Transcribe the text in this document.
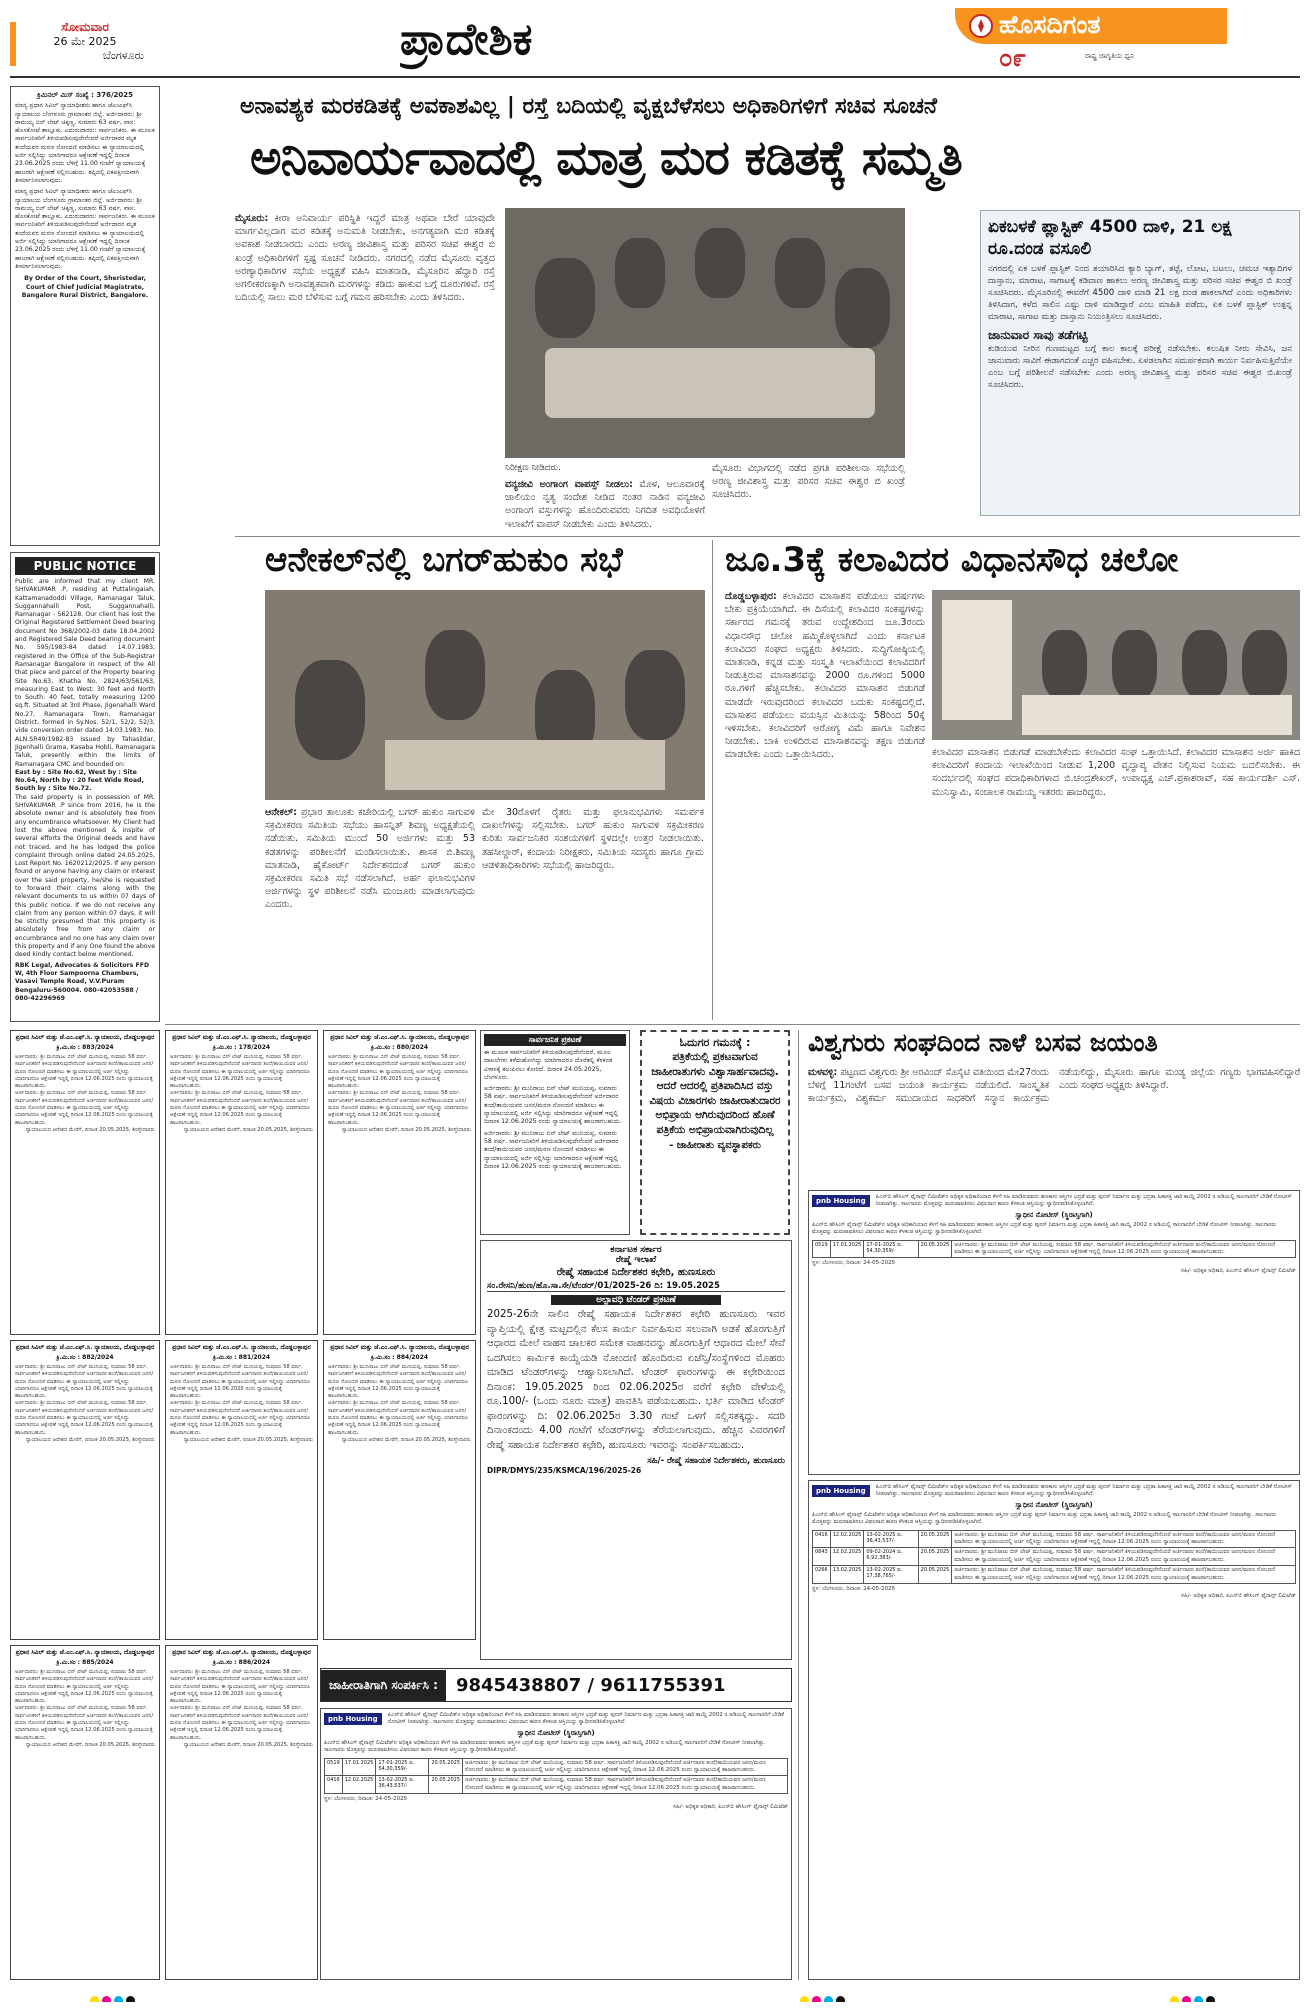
ಸೋಮವಾರ
26 ಮೇ 2025
ಬೆಂಗಳೂರು	ಪ್ರಾದೇಶಿಕ	ಹೊಸದಿಗಂತ
೦೯	ರಾಷ್ಟ್ರ ಜಾಗೃತಿಯ ಧ್ವನಿ
ಕ್ರಿಮಿನಲ್ ಮಿಸ್ ಸಂಖ್ಯೆ : 376/2025
ಮಾನ್ಯ ಪ್ರಧಾನ ಸಿವಿಲ್ ನ್ಯಾಯಾಧೀಶರು ಹಾಗೂ ಜೆಎಂಎಫ್‌ಸಿ ನ್ಯಾಯಾಲಯ ಬೆಂಗಳೂರು ಗ್ರಾಮಾಂತರ ಜಿಲ್ಲೆ. ಅರ್ಜಿದಾರರು: ಶ್ರೀ ರಾಮಯ್ಯ ಬಿನ್ ಲೇಟ್ ಚಿಕ್ಕಣ್ಣ, ಸುಮಾರು 63 ವರ್ಷ, ವಾಸ: ಹೊಸಕೋಟೆ ತಾಲ್ಲೂಕು. ಎದುರುದಾರರು: ಸಾರ್ವಜನಿಕರು. ಈ ಮೂಲಕ ಸಾರ್ವಜನಿಕರಿಗೆ ತಿಳಿಯಪಡಿಸುವುದೇನೆಂದರೆ ಅರ್ಜಿದಾರರ ಮೃತ ತಂದೆಯವರ ಮರಣ ನೋಂದಣಿ ಮಾಡಿಸಲು ಈ ನ್ಯಾಯಾಲಯದಲ್ಲಿ ಅರ್ಜಿ ಸಲ್ಲಿಸಿದ್ದು ಯಾರಿಗಾದರೂ ಆಕ್ಷೇಪಣೆ ಇದ್ದಲ್ಲಿ ದಿನಾಂಕ 23.06.2025 ರಂದು ಬೆಳಿಗ್ಗೆ 11.00 ಗಂಟೆಗೆ ನ್ಯಾಯಾಲಯಕ್ಕೆ ಹಾಜರಾಗಿ ಆಕ್ಷೇಪಣೆ ಸಲ್ಲಿಸಬಹುದು. ತಪ್ಪಿದಲ್ಲಿ ಏಕಪಕ್ಷೀಯವಾಗಿ ತೀರ್ಮಾನಿಸಲಾಗುವುದು.
ಮಾನ್ಯ ಪ್ರಧಾನ ಸಿವಿಲ್ ನ್ಯಾಯಾಧೀಶರು ಹಾಗೂ ಜೆಎಂಎಫ್‌ಸಿ ನ್ಯಾಯಾಲಯ ಬೆಂಗಳೂರು ಗ್ರಾಮಾಂತರ ಜಿಲ್ಲೆ. ಅರ್ಜಿದಾರರು: ಶ್ರೀ ರಾಮಯ್ಯ ಬಿನ್ ಲೇಟ್ ಚಿಕ್ಕಣ್ಣ, ಸುಮಾರು 63 ವರ್ಷ, ವಾಸ: ಹೊಸಕೋಟೆ ತಾಲ್ಲೂಕು. ಎದುರುದಾರರು: ಸಾರ್ವಜನಿಕರು. ಈ ಮೂಲಕ ಸಾರ್ವಜನಿಕರಿಗೆ ತಿಳಿಯಪಡಿಸುವುದೇನೆಂದರೆ ಅರ್ಜಿದಾರರ ಮೃತ ತಂದೆಯವರ ಮರಣ ನೋಂದಣಿ ಮಾಡಿಸಲು ಈ ನ್ಯಾಯಾಲಯದಲ್ಲಿ ಅರ್ಜಿ ಸಲ್ಲಿಸಿದ್ದು ಯಾರಿಗಾದರೂ ಆಕ್ಷೇಪಣೆ ಇದ್ದಲ್ಲಿ ದಿನಾಂಕ 23.06.2025 ರಂದು ಬೆಳಿಗ್ಗೆ 11.00 ಗಂಟೆಗೆ ನ್ಯಾಯಾಲಯಕ್ಕೆ ಹಾಜರಾಗಿ ಆಕ್ಷೇಪಣೆ ಸಲ್ಲಿಸಬಹುದು. ತಪ್ಪಿದಲ್ಲಿ ಏಕಪಕ್ಷೀಯವಾಗಿ ತೀರ್ಮಾನಿಸಲಾಗುವುದು.
By Order of the Court, Sheristedar, Court of Chief Judicial Magistrate, Bangalore Rural District, Bangalore.
PUBLIC NOTICE
Public are informed that my client MR. SHIVAKUMAR .P, residing at Puttalingaiah, Kattamanadoddi Village, Ramanagar Taluk, Suggannahalli Post, Suggannahalli, Ramanagar - 562128. Our client has lost the Original Registered Settlement Deed bearing document No 368/2002-03 date 18.04.2002 and Registered Sale Deed bearing document No. 595/1983-84 dated 14.07.1983, registered in the Office of the Sub-Registrar Ramanagar Bangalore in respect of the All that piece and parcel of the Property bearing Site No.63, Khatha No. 2824/63/561/63, measuring East to West: 30 feet and North to South: 40 feet, totally measuring 1200 sq.ft. Situated at 3rd Phase, Jigenahalli Ward No.27, Ramanagara Town, Ramanagar District, formed in Sy.Nos. 52/1, 52/2, 52/3, vide conversion order dated 14.03.1983, No. ALN.SR49/1982-83 issued by Tahasildar, Jigenhalli Grama, Kasaba Hobli, Ramanagara Taluk, presently within the limits of Ramanagara CMC and bounded on:
East by : Site No.62, West by : Site No.64, North by : 20 feet Wide Road, South by : Site No.72.
The said property is in possession of MR. SHIVAKUMAR .P since from 2016, he is the absolute owner and is absolutely free from any encumbrance whatsoever. My Client had lost the above mentioned & inspite of several efforts the Original deeds and have not traced, and he has lodged the police complaint through online dated 24.05.2025, Lost Report No. 1620212/2025. If any person found or anyone having any claim or interest over the said property, he/she is requested to forward their claims along with the relevant documents to us within 07 days of this public notice. If we do not receive any claim from any person within 07 days, it will be strictly presumed that this property is absolutely free from any claim or encumbrance and no one has any claim over this property and if any One found the above deed kindly contact below mentioned.
RBK Legal, Advocates & Solicitors FFD W, 4th Floor Sampoorna Chambers, Vasavi Temple Road, V.V.Puram Bengaluru-560004. 080-42053588 / 080-42296969
ಅನಾವಶ್ಯಕ ಮರಕಡಿತಕ್ಕೆ ಅವಕಾಶವಿಲ್ಲ | ರಸ್ತೆ ಬದಿಯಲ್ಲಿ ವೃಕ್ಷಬೆಳೆಸಲು ಅಧಿಕಾರಿಗಳಿಗೆ ಸಚಿವ ಸೂಚನೆ
ಅನಿವಾರ್ಯವಾದಲ್ಲಿ ಮಾತ್ರ ಮರ ಕಡಿತಕ್ಕೆ ಸಮ್ಮತಿ
ಮೈಸೂರು: ಕೀರಾ ಅನಿವಾರ್ಯ ಪರಿಸ್ಥಿತಿ ಇದ್ದರೆ ಮಾತ್ರ ಅಥವಾ ಬೇರೆ ಯಾವುದೇ ಮಾರ್ಗವಿಲ್ಲದಾಗ ಮರ ಕಡಿತಕ್ಕೆ ಅನುಮತಿ ನೀಡಬೇಕು, ಅನಗತ್ಯವಾಗಿ ಮರ ಕಡಿತಕ್ಕೆ ಅವಕಾಶ ನೀಡಬಾರದು ಎಂದು ಅರಣ್ಯ ಜೀವಿಶಾಸ್ತ್ರ ಮತ್ತು ಪರಿಸರ ಸಚಿವ ಈಶ್ವರ ಬಿ ಖಂಡ್ರೆ ಅಧಿಕಾರಿಗಳಿಗೆ ಸ್ಪಷ್ಟ ಸೂಚನೆ ನೀಡಿದರು. ನಗರದಲ್ಲಿ ನಡೆದ ಮೈಸೂರು ವೃತ್ತದ ಅರಣ್ಯಾಧಿಕಾರಿಗಳ ಸಭೆಯ ಅಧ್ಯಕ್ಷತೆ ವಹಿಸಿ ಮಾತನಾಡಿ, ಮೈಸೂರಿನ ಹೆದ್ದಾರಿ ರಸ್ತೆ ಅಗಲೀಕರಣಕ್ಕಾಗಿ ಅನಾವಶ್ಯಕವಾಗಿ ಮರಗಳನ್ನು ಕಡಿದು ಹಾಕುವ ಬಗ್ಗೆ ದೂರುಗಳಿವೆ. ರಸ್ತೆ ಬದಿಯಲ್ಲಿ ಸಾಲು ಮರ ಬೆಳೆಸುವ ಬಗ್ಗೆ ಗಮನ ಹರಿಸಬೇಕು ಎಂದು ತಿಳಿಸಿದರು.
ನಿರೀಕ್ಷಣ ನೀಡಿದರು.
ವನ್ಯಜೀವಿ ಅಂಗಾಂಗ ವಾಪಸ್ಸ್ ನೀಡಲು: ಮೊಳ, ಆಲೂವಾರಕ್ಕೆ ಜಾಲಿಯಂ ನೃತ್ಯ ಸಂದೇಶ ನೀಡಿದ ನಂತರ ನಾಡಿನ ವನ್ಯಜೀವಿ ಅಂಗಾಂಗ ವಸ್ತುಗಳನ್ನು ಹೊಂದಿರುವವರು ನಿಗದಿತ ಅವಧಿಯೊಳಗೆ ಇಲಾಖೆಗೆ ವಾಪಸ್ ನೀಡಬೇಕು ಎಂದು ತಿಳಿಸಿದರು.
ಮೈಸೂರು ವಿಭಾಗದಲ್ಲಿ ನಡೆದ ಪ್ರಗತಿ ಪರಿಶೀಲನಾ ಸಭೆಯಲ್ಲಿ ಅರಣ್ಯ ಜೀವಿಶಾಸ್ತ್ರ ಮತ್ತು ಪರಿಸರ ಸಚಿವ ಈಶ್ವರ ಬಿ ಖಂಡ್ರೆ ಸೂಚಿಸಿದರು.
ಏಕಬಳಕೆ ಪ್ಲಾಸ್ಟಿಕ್ 4500 ದಾಳಿ, 21 ಲಕ್ಷ ರೂ.ದಂಡ ವಸೂಲಿ
ನಗರದಲ್ಲಿ ಏಕ ಬಳಕೆ ಪ್ಲಾಸ್ಟಿಕ್ ನಿಂದ ತಯಾರಿಸಿದ ಕ್ಯಾರಿ ಬ್ಯಾಗ್, ತಟ್ಟೆ, ಲೋಟ, ಬಟಲು, ಚಮಚ ಇತ್ಯಾದಿಗಳ ದಾಸ್ತಾನು, ಮಾರಾಟ, ಸಾಗಾಟಕ್ಕೆ ಕಡಿವಾಣ ಹಾಕಲು ಅರಣ್ಯ ಜೀವಿಶಾಸ್ತ್ರ ಮತ್ತು ಪರಿಸರ ಸಚಿವ ಈಶ್ವರ ಬಿ ಖಂಡ್ರೆ ಸೂಚಿಸಿದರು. ಮೈಸೂರಿನಲ್ಲಿ ಈವರೆಗೆ 4500 ದಾಳಿ ಮಾಡಿ 21 ಲಕ್ಷ ದಂಡ ಹಾಕಲಾಗಿದೆ ಎಂದು ಅಧಿಕಾರಿಗಳು ತಿಳಿಸಿದಾಗ, ಕಳೆದ ಸಾಲಿನ ಎಷ್ಟು ದಾಳಿ ಮಾಡಿದ್ದಾರೆ ಎಂಬ ಮಾಹಿತಿ ಪಡೆದು, ಏಕ ಬಳಕೆ ಪ್ಲಾಸ್ಟಿಕ್ ಉತ್ಪನ್ನ ಮಾರಾಟ, ಸಾಗಾಟ ಮತ್ತು ದಾಸ್ತಾನು ನಿಯಂತ್ರಿಸಲು ಸೂಚಿಸಿದರು.
ಜಾನುವಾರ ಸಾವು ತಡೆಗಟ್ಟಿ
ಕುಡಿಯುವ ನೀರಿನ ಗುಣಮಟ್ಟದ ಬಗ್ಗೆ ಕಾಲ ಕಾಲಕ್ಕೆ ಪರೀಕ್ಷೆ ನಡೆಸಬೇಕು. ಕಲುಷಿತ ನೀರು ಸೇವಿಸಿ, ಜನ ಜಾನುವಾರು ಸಾವಿಗೆ ಈಡಾಗದಂತೆ ಎಚ್ಚರ ವಹಿಸಬೇಕು. ಏಳಡಲಾಗಿನ ಸಮರ್ಪಕವಾಗಿ ಕಾರ್ಯ ನಿರ್ವಹಿಸುತ್ತಿವೆಯೇ ಎಂಬ ಬಗ್ಗೆ ಪರಿಶೀಲನೆ ನಡೆಸಬೇಕು ಎಂದು ಅರಣ್ಯ ಜೀವಿಶಾಸ್ತ್ರ ಮತ್ತು ಪರಿಸರ ಸಚಿವ ಈಶ್ವರ ಬಿ.ಖಂಡ್ರೆ ಸೂಚಿಸಿದರು.
ಆನೇಕಲ್‌ನಲ್ಲಿ ಬಗರ್‌ಹುಕುಂ ಸಭೆ
ಆನೇಕಲ್: ಪ್ರಭಾರ ತಾಲೂಕು ಕಚೇರಿಯಲ್ಲಿ ಬಗರ್ ಹುಕುಂ ಸಾಗುವಳಿ ಸಕ್ರಮೀಕರಣ ಸಮಿತಿಯ ಸಭೆಯು ಹಾಸನ್ನಿತ್ ಶಿವಣ್ಣ ಅಧ್ಯಕ್ಷತೆಯಲ್ಲಿ ನಡೆಯಿತು. ಸಮಿತಿಯ ಮುಂದೆ 50 ಅರ್ಜಿಗಳು ಮತ್ತು 53 ಕಡತಗಳನ್ನು ಪರಿಶೀಲನೆಗೆ ಮಂಡಿಸಲಾಯಿತು. ಶಾಸಕ ಬಿ.ಶಿವಣ್ಣ ಮಾತನಾಡಿ, ಹೈಕೋರ್ಟ್ ನಿರ್ದೇಶನದಂತೆ ಬಗರ್ ಹುಕುಂ ಸಕ್ರಮೀಕರಣ ಸಮಿತಿ ಸಭೆ ನಡೆಸಲಾಗಿದೆ. ಅರ್ಹ ಫಲಾನುಭವಿಗಳ ಅರ್ಜಿಗಳನ್ನು ಸ್ಥಳ ಪರಿಶೀಲನೆ ನಡೆಸಿ ಮಂಜೂರು ಮಾಡಲಾಗುವುದು ಎಂದರು.
ಮೇ 30ರೊಳಗೆ ರೈತರು ಮತ್ತು ಫಲಾನುಭವಿಗಳು ಸಮರ್ಪಕ ದಾಖಲೆಗಳನ್ನು ಸಲ್ಲಿಸಬೇಕು. ಬಗರ್ ಹುಕುಂ ಸಾಗುವಳಿ ಸಕ್ರಮೀಕರಣ ಕುರಿತು ಸಾರ್ವಜನಿಕರ ಸಂಶಯಗಳಿಗೆ ಸ್ಥಳದಲ್ಲೇ ಉತ್ತರ ನೀಡಲಾಯಿತು. ತಹಸೀಲ್ದಾರ್, ಕಂದಾಯ ನಿರೀಕ್ಷಕರು, ಸಮಿತಿಯ ಸದಸ್ಯರು ಹಾಗೂ ಗ್ರಾಮ ಆಡಳಿತಾಧಿಕಾರಿಗಳು ಸಭೆಯಲ್ಲಿ ಹಾಜರಿದ್ದರು.
ಜೂ.3ಕ್ಕೆ ಕಲಾವಿದರ ವಿಧಾನಸೌಧ ಚಲೋ
ದೊಡ್ಡಬಳ್ಳಾಪುರ: ಕಲಾವಿದರ ಮಾಸಾಶನ ಪಡೆಯಲು ವರ್ಷಗಳು ಬೇಕು ಪ್ರಕ್ರಿಯೆಯಾಗಿದೆ. ಈ ದಿಸೆಯಲ್ಲಿ ಕಲಾವಿದರ ಸಂಕಷ್ಟಗಳನ್ನು ಸರ್ಕಾರದ ಗಮನಕ್ಕೆ ತರುವ ಉದ್ದೇಶದಿಂದ ಜೂ.3ರಂದು ವಿಧಾನಸೌಧ ಚಲೋ ಹಮ್ಮಿಕೊಳ್ಳಲಾಗಿದೆ ಎಂದು ಕರ್ನಾಟಕ ಕಲಾವಿದರ ಸಂಘದ ಅಧ್ಯಕ್ಷರು ತಿಳಿಸಿದರು. ಸುದ್ದಿಗೋಷ್ಠಿಯಲ್ಲಿ ಮಾತನಾಡಿ, ಕನ್ನಡ ಮತ್ತು ಸಂಸ್ಕೃತಿ ಇಲಾಖೆಯಿಂದ ಕಲಾವಿದರಿಗೆ ನೀಡುತ್ತಿರುವ ಮಾಸಾಶನವನ್ನು 2000 ರೂ.ಗಳಿಂದ 5000 ರೂ.ಗಳಿಗೆ ಹೆಚ್ಚಿಸಬೇಕು. ಕಲಾವಿದರ ಮಾಸಾಶನ ಬಿಡುಗಡೆ ಮಾಡದೇ ಇರುವುದರಿಂದ ಕಲಾವಿದರ ಬದುಕು ಸಂಕಷ್ಟದಲ್ಲಿದೆ. ಮಾಸಾಶನ ಪಡೆಯಲು ವಯಸ್ಸಿನ ಮಿತಿಯನ್ನು 58ರಿಂದ 50ಕ್ಕೆ ಇಳಿಸಬೇಕು. ಕಲಾವಿದರಿಗೆ ಆರೋಗ್ಯ ವಿಮೆ ಹಾಗೂ ನಿವೇಶನ ನೀಡಬೇಕು. ಬಾಕಿ ಉಳಿದಿರುವ ಮಾಸಾಶನವನ್ನು ತಕ್ಷಣ ಬಿಡುಗಡೆ ಮಾಡಬೇಕು ಎಂದು ಒತ್ತಾಯಿಸಿದರು.	ಕಲಾವಿದರ ಮಾಸಾಶನ ಬಿಡುಗಡೆ ಮಾಡಬೇಕೆಂದು ಕಲಾವಿದರ ಸಂಘ ಒತ್ತಾಯಿಸಿದೆ. ಕಲಾವಿದರ ಮಾಸಾಶನ ಅರ್ಜಿ ಹಾಕಿದ ಕಲಾವಿದರಿಗೆ ಕಂದಾಯ ಇಲಾಖೆಯಿಂದ ನೀಡುವ 1,200 ವೃದ್ಧಾಪ್ಯ ವೇತನ ನಿಲ್ಲಿಸುವ ನಿಯಮ ಬದಲಿಸಬೇಕು. ಈ ಸಂದರ್ಭದಲ್ಲಿ ಸಂಘದ ಪದಾಧಿಕಾರಿಗಳಾದ ಬಿ.ಚಂದ್ರಶೇಖರ್, ಉಪಾಧ್ಯಕ್ಷ ಎಚ್.ಪ್ರಕಾಶರಾವ್, ಸಹ ಕಾರ್ಯದರ್ಶಿ ಎಸ್. ಮುನಿಸ್ವಾಮಿ, ಸಂಚಾಲಕ ರಾಮಯ್ಯ ಇತರರು ಹಾಜರಿದ್ದರು.
ಪ್ರಧಾನ ಸಿವಿಲ್ ಮತ್ತು ಜೆ.ಎಂ.ಎಫ್.ಸಿ. ನ್ಯಾಯಾಲಯ, ದೊಡ್ಡಬಳ್ಳಾಪುರ
ಕ್ರಿ.ಮಿ.ಸಂ : 883/2024
ಅರ್ಜಿದಾರರು: ಶ್ರೀ ಮುನಿರಾಜು ಬಿನ್ ಲೇಟ್ ಮುನಿಯಪ್ಪ, ಸುಮಾರು 58 ವರ್ಷ. ಸಾರ್ವಜನಿಕರಿಗೆ ತಿಳಿಯಪಡಿಸುವುದೇನೆಂದರೆ ಅರ್ಜಿದಾರರ ತಂದೆ/ತಾಯಿಯವರ ಜನನ/ಮರಣ ನೋಂದಣಿ ಮಾಡಿಸಲು ಈ ನ್ಯಾಯಾಲಯದಲ್ಲಿ ಅರ್ಜಿ ಸಲ್ಲಿಸಿದ್ದು ಯಾರಿಗಾದರೂ ಆಕ್ಷೇಪಣೆ ಇದ್ದಲ್ಲಿ ದಿನಾಂಕ 12.06.2025 ರಂದು ನ್ಯಾಯಾಲಯಕ್ಕೆ ಹಾಜರಾಗಬಹುದು.
ಅರ್ಜಿದಾರರು: ಶ್ರೀ ಮುನಿರಾಜು ಬಿನ್ ಲೇಟ್ ಮುನಿಯಪ್ಪ, ಸುಮಾರು 58 ವರ್ಷ. ಸಾರ್ವಜನಿಕರಿಗೆ ತಿಳಿಯಪಡಿಸುವುದೇನೆಂದರೆ ಅರ್ಜಿದಾರರ ತಂದೆ/ತಾಯಿಯವರ ಜನನ/ಮರಣ ನೋಂದಣಿ ಮಾಡಿಸಲು ಈ ನ್ಯಾಯಾಲಯದಲ್ಲಿ ಅರ್ಜಿ ಸಲ್ಲಿಸಿದ್ದು ಯಾರಿಗಾದರೂ ಆಕ್ಷೇಪಣೆ ಇದ್ದಲ್ಲಿ ದಿನಾಂಕ 12.06.2025 ರಂದು ನ್ಯಾಯಾಲಯಕ್ಕೆ ಹಾಜರಾಗಬಹುದು.
ನ್ಯಾಯಾಲಯದ ಆದೇಶದ ಮೇರೆಗೆ, ದಿನಾಂಕ 20.05.2025, ಶಿರಸ್ತೇದಾರರು
ಪ್ರಧಾನ ಸಿವಿಲ್ ಮತ್ತು ಜೆ.ಎಂ.ಎಫ್.ಸಿ. ನ್ಯಾಯಾಲಯ, ದೊಡ್ಡಬಳ್ಳಾಪುರ
ಕ್ರಿ.ಮಿ.ಸಂ : 178/2024
ಅರ್ಜಿದಾರರು: ಶ್ರೀ ಮುನಿರಾಜು ಬಿನ್ ಲೇಟ್ ಮುನಿಯಪ್ಪ, ಸುಮಾರು 58 ವರ್ಷ. ಸಾರ್ವಜನಿಕರಿಗೆ ತಿಳಿಯಪಡಿಸುವುದೇನೆಂದರೆ ಅರ್ಜಿದಾರರ ತಂದೆ/ತಾಯಿಯವರ ಜನನ/ಮರಣ ನೋಂದಣಿ ಮಾಡಿಸಲು ಈ ನ್ಯಾಯಾಲಯದಲ್ಲಿ ಅರ್ಜಿ ಸಲ್ಲಿಸಿದ್ದು ಯಾರಿಗಾದರೂ ಆಕ್ಷೇಪಣೆ ಇದ್ದಲ್ಲಿ ದಿನಾಂಕ 12.06.2025 ರಂದು ನ್ಯಾಯಾಲಯಕ್ಕೆ ಹಾಜರಾಗಬಹುದು.
ಅರ್ಜಿದಾರರು: ಶ್ರೀ ಮುನಿರಾಜು ಬಿನ್ ಲೇಟ್ ಮುನಿಯಪ್ಪ, ಸುಮಾರು 58 ವರ್ಷ. ಸಾರ್ವಜನಿಕರಿಗೆ ತಿಳಿಯಪಡಿಸುವುದೇನೆಂದರೆ ಅರ್ಜಿದಾರರ ತಂದೆ/ತಾಯಿಯವರ ಜನನ/ಮರಣ ನೋಂದಣಿ ಮಾಡಿಸಲು ಈ ನ್ಯಾಯಾಲಯದಲ್ಲಿ ಅರ್ಜಿ ಸಲ್ಲಿಸಿದ್ದು ಯಾರಿಗಾದರೂ ಆಕ್ಷೇಪಣೆ ಇದ್ದಲ್ಲಿ ದಿನಾಂಕ 12.06.2025 ರಂದು ನ್ಯಾಯಾಲಯಕ್ಕೆ ಹಾಜರಾಗಬಹುದು.
ನ್ಯಾಯಾಲಯದ ಆದೇಶದ ಮೇರೆಗೆ, ದಿನಾಂಕ 20.05.2025, ಶಿರಸ್ತೇದಾರರು
ಪ್ರಧಾನ ಸಿವಿಲ್ ಮತ್ತು ಜೆ.ಎಂ.ಎಫ್.ಸಿ. ನ್ಯಾಯಾಲಯ, ದೊಡ್ಡಬಳ್ಳಾಪುರ
ಕ್ರಿ.ಮಿ.ಸಂ : 880/2024
ಅರ್ಜಿದಾರರು: ಶ್ರೀ ಮುನಿರಾಜು ಬಿನ್ ಲೇಟ್ ಮುನಿಯಪ್ಪ, ಸುಮಾರು 58 ವರ್ಷ. ಸಾರ್ವಜನಿಕರಿಗೆ ತಿಳಿಯಪಡಿಸುವುದೇನೆಂದರೆ ಅರ್ಜಿದಾರರ ತಂದೆ/ತಾಯಿಯವರ ಜನನ/ಮರಣ ನೋಂದಣಿ ಮಾಡಿಸಲು ಈ ನ್ಯಾಯಾಲಯದಲ್ಲಿ ಅರ್ಜಿ ಸಲ್ಲಿಸಿದ್ದು ಯಾರಿಗಾದರೂ ಆಕ್ಷೇಪಣೆ ಇದ್ದಲ್ಲಿ ದಿನಾಂಕ 12.06.2025 ರಂದು ನ್ಯಾಯಾಲಯಕ್ಕೆ ಹಾಜರಾಗಬಹುದು.
ಅರ್ಜಿದಾರರು: ಶ್ರೀ ಮುನಿರಾಜು ಬಿನ್ ಲೇಟ್ ಮುನಿಯಪ್ಪ, ಸುಮಾರು 58 ವರ್ಷ. ಸಾರ್ವಜನಿಕರಿಗೆ ತಿಳಿಯಪಡಿಸುವುದೇನೆಂದರೆ ಅರ್ಜಿದಾರರ ತಂದೆ/ತಾಯಿಯವರ ಜನನ/ಮರಣ ನೋಂದಣಿ ಮಾಡಿಸಲು ಈ ನ್ಯಾಯಾಲಯದಲ್ಲಿ ಅರ್ಜಿ ಸಲ್ಲಿಸಿದ್ದು ಯಾರಿಗಾದರೂ ಆಕ್ಷೇಪಣೆ ಇದ್ದಲ್ಲಿ ದಿನಾಂಕ 12.06.2025 ರಂದು ನ್ಯಾಯಾಲಯಕ್ಕೆ ಹಾಜರಾಗಬಹುದು.
ನ್ಯಾಯಾಲಯದ ಆದೇಶದ ಮೇರೆಗೆ, ದಿನಾಂಕ 20.05.2025, ಶಿರಸ್ತೇದಾರರು
ಪ್ರಧಾನ ಸಿವಿಲ್ ಮತ್ತು ಜೆ.ಎಂ.ಎಫ್.ಸಿ. ನ್ಯಾಯಾಲಯ, ದೊಡ್ಡಬಳ್ಳಾಪುರ
ಕ್ರಿ.ಮಿ.ಸಂ : 882/2024
ಅರ್ಜಿದಾರರು: ಶ್ರೀ ಮುನಿರಾಜು ಬಿನ್ ಲೇಟ್ ಮುನಿಯಪ್ಪ, ಸುಮಾರು 58 ವರ್ಷ. ಸಾರ್ವಜನಿಕರಿಗೆ ತಿಳಿಯಪಡಿಸುವುದೇನೆಂದರೆ ಅರ್ಜಿದಾರರ ತಂದೆ/ತಾಯಿಯವರ ಜನನ/ಮರಣ ನೋಂದಣಿ ಮಾಡಿಸಲು ಈ ನ್ಯಾಯಾಲಯದಲ್ಲಿ ಅರ್ಜಿ ಸಲ್ಲಿಸಿದ್ದು ಯಾರಿಗಾದರೂ ಆಕ್ಷೇಪಣೆ ಇದ್ದಲ್ಲಿ ದಿನಾಂಕ 12.06.2025 ರಂದು ನ್ಯಾಯಾಲಯಕ್ಕೆ ಹಾಜರಾಗಬಹುದು.
ಅರ್ಜಿದಾರರು: ಶ್ರೀ ಮುನಿರಾಜು ಬಿನ್ ಲೇಟ್ ಮುನಿಯಪ್ಪ, ಸುಮಾರು 58 ವರ್ಷ. ಸಾರ್ವಜನಿಕರಿಗೆ ತಿಳಿಯಪಡಿಸುವುದೇನೆಂದರೆ ಅರ್ಜಿದಾರರ ತಂದೆ/ತಾಯಿಯವರ ಜನನ/ಮರಣ ನೋಂದಣಿ ಮಾಡಿಸಲು ಈ ನ್ಯಾಯಾಲಯದಲ್ಲಿ ಅರ್ಜಿ ಸಲ್ಲಿಸಿದ್ದು ಯಾರಿಗಾದರೂ ಆಕ್ಷೇಪಣೆ ಇದ್ದಲ್ಲಿ ದಿನಾಂಕ 12.06.2025 ರಂದು ನ್ಯಾಯಾಲಯಕ್ಕೆ ಹಾಜರಾಗಬಹುದು.
ನ್ಯಾಯಾಲಯದ ಆದೇಶದ ಮೇರೆಗೆ, ದಿನಾಂಕ 20.05.2025, ಶಿರಸ್ತೇದಾರರು
ಪ್ರಧಾನ ಸಿವಿಲ್ ಮತ್ತು ಜೆ.ಎಂ.ಎಫ್.ಸಿ. ನ್ಯಾಯಾಲಯ, ದೊಡ್ಡಬಳ್ಳಾಪುರ
ಕ್ರಿ.ಮಿ.ಸಂ : 881/2024
ಅರ್ಜಿದಾರರು: ಶ್ರೀ ಮುನಿರಾಜು ಬಿನ್ ಲೇಟ್ ಮುನಿಯಪ್ಪ, ಸುಮಾರು 58 ವರ್ಷ. ಸಾರ್ವಜನಿಕರಿಗೆ ತಿಳಿಯಪಡಿಸುವುದೇನೆಂದರೆ ಅರ್ಜಿದಾರರ ತಂದೆ/ತಾಯಿಯವರ ಜನನ/ಮರಣ ನೋಂದಣಿ ಮಾಡಿಸಲು ಈ ನ್ಯಾಯಾಲಯದಲ್ಲಿ ಅರ್ಜಿ ಸಲ್ಲಿಸಿದ್ದು ಯಾರಿಗಾದರೂ ಆಕ್ಷೇಪಣೆ ಇದ್ದಲ್ಲಿ ದಿನಾಂಕ 12.06.2025 ರಂದು ನ್ಯಾಯಾಲಯಕ್ಕೆ ಹಾಜರಾಗಬಹುದು.
ಅರ್ಜಿದಾರರು: ಶ್ರೀ ಮುನಿರಾಜು ಬಿನ್ ಲೇಟ್ ಮುನಿಯಪ್ಪ, ಸುಮಾರು 58 ವರ್ಷ. ಸಾರ್ವಜನಿಕರಿಗೆ ತಿಳಿಯಪಡಿಸುವುದೇನೆಂದರೆ ಅರ್ಜಿದಾರರ ತಂದೆ/ತಾಯಿಯವರ ಜನನ/ಮರಣ ನೋಂದಣಿ ಮಾಡಿಸಲು ಈ ನ್ಯಾಯಾಲಯದಲ್ಲಿ ಅರ್ಜಿ ಸಲ್ಲಿಸಿದ್ದು ಯಾರಿಗಾದರೂ ಆಕ್ಷೇಪಣೆ ಇದ್ದಲ್ಲಿ ದಿನಾಂಕ 12.06.2025 ರಂದು ನ್ಯಾಯಾಲಯಕ್ಕೆ ಹಾಜರಾಗಬಹುದು.
ನ್ಯಾಯಾಲಯದ ಆದೇಶದ ಮೇರೆಗೆ, ದಿನಾಂಕ 20.05.2025, ಶಿರಸ್ತೇದಾರರು
ಪ್ರಧಾನ ಸಿವಿಲ್ ಮತ್ತು ಜೆ.ಎಂ.ಎಫ್.ಸಿ. ನ್ಯಾಯಾಲಯ, ದೊಡ್ಡಬಳ್ಳಾಪುರ
ಕ್ರಿ.ಮಿ.ಸಂ : 884/2024
ಅರ್ಜಿದಾರರು: ಶ್ರೀ ಮುನಿರಾಜು ಬಿನ್ ಲೇಟ್ ಮುನಿಯಪ್ಪ, ಸುಮಾರು 58 ವರ್ಷ. ಸಾರ್ವಜನಿಕರಿಗೆ ತಿಳಿಯಪಡಿಸುವುದೇನೆಂದರೆ ಅರ್ಜಿದಾರರ ತಂದೆ/ತಾಯಿಯವರ ಜನನ/ಮರಣ ನೋಂದಣಿ ಮಾಡಿಸಲು ಈ ನ್ಯಾಯಾಲಯದಲ್ಲಿ ಅರ್ಜಿ ಸಲ್ಲಿಸಿದ್ದು ಯಾರಿಗಾದರೂ ಆಕ್ಷೇಪಣೆ ಇದ್ದಲ್ಲಿ ದಿನಾಂಕ 12.06.2025 ರಂದು ನ್ಯಾಯಾಲಯಕ್ಕೆ ಹಾಜರಾಗಬಹುದು.
ಅರ್ಜಿದಾರರು: ಶ್ರೀ ಮುನಿರಾಜು ಬಿನ್ ಲೇಟ್ ಮುನಿಯಪ್ಪ, ಸುಮಾರು 58 ವರ್ಷ. ಸಾರ್ವಜನಿಕರಿಗೆ ತಿಳಿಯಪಡಿಸುವುದೇನೆಂದರೆ ಅರ್ಜಿದಾರರ ತಂದೆ/ತಾಯಿಯವರ ಜನನ/ಮರಣ ನೋಂದಣಿ ಮಾಡಿಸಲು ಈ ನ್ಯಾಯಾಲಯದಲ್ಲಿ ಅರ್ಜಿ ಸಲ್ಲಿಸಿದ್ದು ಯಾರಿಗಾದರೂ ಆಕ್ಷೇಪಣೆ ಇದ್ದಲ್ಲಿ ದಿನಾಂಕ 12.06.2025 ರಂದು ನ್ಯಾಯಾಲಯಕ್ಕೆ ಹಾಜರಾಗಬಹುದು.
ನ್ಯಾಯಾಲಯದ ಆದೇಶದ ಮೇರೆಗೆ, ದಿನಾಂಕ 20.05.2025, ಶಿರಸ್ತೇದಾರರು
ಪ್ರಧಾನ ಸಿವಿಲ್ ಮತ್ತು ಜೆ.ಎಂ.ಎಫ್.ಸಿ. ನ್ಯಾಯಾಲಯ, ದೊಡ್ಡಬಳ್ಳಾಪುರ
ಕ್ರಿ.ಮಿ.ಸಂ : 885/2024
ಅರ್ಜಿದಾರರು: ಶ್ರೀ ಮುನಿರಾಜು ಬಿನ್ ಲೇಟ್ ಮುನಿಯಪ್ಪ, ಸುಮಾರು 58 ವರ್ಷ. ಸಾರ್ವಜನಿಕರಿಗೆ ತಿಳಿಯಪಡಿಸುವುದೇನೆಂದರೆ ಅರ್ಜಿದಾರರ ತಂದೆ/ತಾಯಿಯವರ ಜನನ/ಮರಣ ನೋಂದಣಿ ಮಾಡಿಸಲು ಈ ನ್ಯಾಯಾಲಯದಲ್ಲಿ ಅರ್ಜಿ ಸಲ್ಲಿಸಿದ್ದು ಯಾರಿಗಾದರೂ ಆಕ್ಷೇಪಣೆ ಇದ್ದಲ್ಲಿ ದಿನಾಂಕ 12.06.2025 ರಂದು ನ್ಯಾಯಾಲಯಕ್ಕೆ ಹಾಜರಾಗಬಹುದು.
ಅರ್ಜಿದಾರರು: ಶ್ರೀ ಮುನಿರಾಜು ಬಿನ್ ಲೇಟ್ ಮುನಿಯಪ್ಪ, ಸುಮಾರು 58 ವರ್ಷ. ಸಾರ್ವಜನಿಕರಿಗೆ ತಿಳಿಯಪಡಿಸುವುದೇನೆಂದರೆ ಅರ್ಜಿದಾರರ ತಂದೆ/ತಾಯಿಯವರ ಜನನ/ಮರಣ ನೋಂದಣಿ ಮಾಡಿಸಲು ಈ ನ್ಯಾಯಾಲಯದಲ್ಲಿ ಅರ್ಜಿ ಸಲ್ಲಿಸಿದ್ದು ಯಾರಿಗಾದರೂ ಆಕ್ಷೇಪಣೆ ಇದ್ದಲ್ಲಿ ದಿನಾಂಕ 12.06.2025 ರಂದು ನ್ಯಾಯಾಲಯಕ್ಕೆ ಹಾಜರಾಗಬಹುದು.
ನ್ಯಾಯಾಲಯದ ಆದೇಶದ ಮೇರೆಗೆ, ದಿನಾಂಕ 20.05.2025, ಶಿರಸ್ತೇದಾರರು
ಪ್ರಧಾನ ಸಿವಿಲ್ ಮತ್ತು ಜೆ.ಎಂ.ಎಫ್.ಸಿ. ನ್ಯಾಯಾಲಯ, ದೊಡ್ಡಬಳ್ಳಾಪುರ
ಕ್ರಿ.ಮಿ.ಸಂ : 886/2024
ಅರ್ಜಿದಾರರು: ಶ್ರೀ ಮುನಿರಾಜು ಬಿನ್ ಲೇಟ್ ಮುನಿಯಪ್ಪ, ಸುಮಾರು 58 ವರ್ಷ. ಸಾರ್ವಜನಿಕರಿಗೆ ತಿಳಿಯಪಡಿಸುವುದೇನೆಂದರೆ ಅರ್ಜಿದಾರರ ತಂದೆ/ತಾಯಿಯವರ ಜನನ/ಮರಣ ನೋಂದಣಿ ಮಾಡಿಸಲು ಈ ನ್ಯಾಯಾಲಯದಲ್ಲಿ ಅರ್ಜಿ ಸಲ್ಲಿಸಿದ್ದು ಯಾರಿಗಾದರೂ ಆಕ್ಷೇಪಣೆ ಇದ್ದಲ್ಲಿ ದಿನಾಂಕ 12.06.2025 ರಂದು ನ್ಯಾಯಾಲಯಕ್ಕೆ ಹಾಜರಾಗಬಹುದು.
ಅರ್ಜಿದಾರರು: ಶ್ರೀ ಮುನಿರಾಜು ಬಿನ್ ಲೇಟ್ ಮುನಿಯಪ್ಪ, ಸುಮಾರು 58 ವರ್ಷ. ಸಾರ್ವಜನಿಕರಿಗೆ ತಿಳಿಯಪಡಿಸುವುದೇನೆಂದರೆ ಅರ್ಜಿದಾರರ ತಂದೆ/ತಾಯಿಯವರ ಜನನ/ಮರಣ ನೋಂದಣಿ ಮಾಡಿಸಲು ಈ ನ್ಯಾಯಾಲಯದಲ್ಲಿ ಅರ್ಜಿ ಸಲ್ಲಿಸಿದ್ದು ಯಾರಿಗಾದರೂ ಆಕ್ಷೇಪಣೆ ಇದ್ದಲ್ಲಿ ದಿನಾಂಕ 12.06.2025 ರಂದು ನ್ಯಾಯಾಲಯಕ್ಕೆ ಹಾಜರಾಗಬಹುದು.
ನ್ಯಾಯಾಲಯದ ಆದೇಶದ ಮೇರೆಗೆ, ದಿನಾಂಕ 20.05.2025, ಶಿರಸ್ತೇದಾರರು
ಸಾರ್ವಜನಿಕ ಪ್ರಕಟಣೆ
ಈ ಮೂಲಕ ಸಾರ್ವಜನಿಕರಿಗೆ ತಿಳಿಯಪಡಿಸುವುದೇನೆಂದರೆ, ಮೂಲ ದಾಖಲೆಗಳು ಕಳೆದುಹೋಗಿದ್ದು ಯಾರಿಗಾದರೂ ದೊರೆತಲ್ಲಿ ಕೆಳಕಂಡ ವಿಳಾಸಕ್ಕೆ ತಲುಪಿಸಲು ಕೋರಿದೆ. ದಿನಾಂಕ 24.05.2025, ಬೆಂಗಳೂರು.
ಅರ್ಜಿದಾರರು: ಶ್ರೀ ಮುನಿರಾಜು ಬಿನ್ ಲೇಟ್ ಮುನಿಯಪ್ಪ, ಸುಮಾರು 58 ವರ್ಷ. ಸಾರ್ವಜನಿಕರಿಗೆ ತಿಳಿಯಪಡಿಸುವುದೇನೆಂದರೆ ಅರ್ಜಿದಾರರ ತಂದೆ/ತಾಯಿಯವರ ಜನನ/ಮರಣ ನೋಂದಣಿ ಮಾಡಿಸಲು ಈ ನ್ಯಾಯಾಲಯದಲ್ಲಿ ಅರ್ಜಿ ಸಲ್ಲಿಸಿದ್ದು ಯಾರಿಗಾದರೂ ಆಕ್ಷೇಪಣೆ ಇದ್ದಲ್ಲಿ ದಿನಾಂಕ 12.06.2025 ರಂದು ನ್ಯಾಯಾಲಯಕ್ಕೆ ಹಾಜರಾಗಬಹುದು.
ಅರ್ಜಿದಾರರು: ಶ್ರೀ ಮುನಿರಾಜು ಬಿನ್ ಲೇಟ್ ಮುನಿಯಪ್ಪ, ಸುಮಾರು 58 ವರ್ಷ. ಸಾರ್ವಜನಿಕರಿಗೆ ತಿಳಿಯಪಡಿಸುವುದೇನೆಂದರೆ ಅರ್ಜಿದಾರರ ತಂದೆ/ತಾಯಿಯವರ ಜನನ/ಮರಣ ನೋಂದಣಿ ಮಾಡಿಸಲು ಈ ನ್ಯಾಯಾಲಯದಲ್ಲಿ ಅರ್ಜಿ ಸಲ್ಲಿಸಿದ್ದು ಯಾರಿಗಾದರೂ ಆಕ್ಷೇಪಣೆ ಇದ್ದಲ್ಲಿ ದಿನಾಂಕ 12.06.2025 ರಂದು ನ್ಯಾಯಾಲಯಕ್ಕೆ ಹಾಜರಾಗಬಹುದು.
ಓದುಗರ ಗಮನಕ್ಕೆ :
ಪತ್ರಿಕೆಯಲ್ಲಿ ಪ್ರಕಟವಾಗುವ ಜಾಹೀರಾತುಗಳು ವಿಶ್ವಾಸಾರ್ಹವಾದವು. ಆದರೆ ಆದರಲ್ಲಿ ಪ್ರತಿಪಾದಿಸಿದ ವಸ್ತು ವಿಷಯ ವಿಚಾರಗಳು ಜಾಹೀರಾತುದಾರರ ಅಭಿಪ್ರಾಯ ಆಗಿರುವುದರಿಂದ ಹೊಣೆ ಪತ್ರಿಕೆಯ ಅಭಿಪ್ರಾಯವಾಗಿರುವುದಿಲ್ಲ
- ಜಾಹೀರಾತು ವ್ಯವಸ್ಥಾಪಕರು
ಕರ್ನಾಟಕ ಸರ್ಕಾರ
ರೇಷ್ಮೆ ಇಲಾಖೆ
ರೇಷ್ಮೆ ಸಹಾಯಕ ನಿರ್ದೇಶಕರ ಕಛೇರಿ, ಹುಣಸೂರು
ಸಂ.ರೇಸನಿ/ಹುಣ/ಹೊ.ಸಾ.ಸೇ/ಟೆಂಡರ್/01/2025-26 ದಿ: 19.05.2025
ಅಲ್ಪಾವಧಿ ಟೆಂಡರ್ ಪ್ರಕಟಣೆ
2025-26ನೇ ಸಾಲಿನ ರೇಷ್ಮೆ ಸಹಾಯಕ ನಿರ್ದೇಶಕರ ಕಛೇರಿ ಹುಣಸೂರು ಇವರ ವ್ಯಾಪ್ತಿಯಲ್ಲಿ ಕ್ಷೇತ್ರ ಮಟ್ಟದಲ್ಲಿನ ಕೆಲಸ ಕಾರ್ಯ ನಿರ್ವಹಿಸುವ ಸಲುವಾಗಿ ಅಡಕೆ ಹೊರಗುತ್ತಿಗೆ ಆಧಾರದ ಮೇಲೆ ವಾಹನ ಚಾಲಕರ ಸಮೇತ ವಾಹನವನ್ನು ಹೊರಗುತ್ತಿಗೆ ಆಧಾರದ ಮೇಲೆ ಸೇವೆ ಒದಗಿಸಲು ಕಾರ್ಮಿಕ ಕಾಯ್ದೆಯಡಿ ನೋಂದಣಿ ಹೊಂದಿರುವ ಏಜೆನ್ಸಿ/ಸಂಸ್ಥೆಗಳಿಂದ ಮೊಹರು ಮಾಡಿದ ಟೆಂಡರ್‌ಗಳನ್ನು ಆಹ್ವಾನಿಸಲಾಗಿದೆ. ಟೆಂಡರ್ ಫಾರಂಗಳನ್ನು ಈ ಕಛೇರಿಯಿಂದ ದಿನಾಂಕ: 19.05.2025 ರಿಂದ 02.06.2025ರ ವರೆಗೆ ಕಛೇರಿ ವೇಳೆಯಲ್ಲಿ ರೂ.100/- (ಒಂದು ನೂರು ಮಾತ್ರ) ಪಾವತಿಸಿ ಪಡೆಯಬಹುದು. ಭರ್ತಿ ಮಾಡಿದ ಟೆಂಡರ್ ಫಾರಂಗಳನ್ನು ದಿ: 02.06.2025ರ 3.30 ಗಂಟೆ ಒಳಗೆ ಸಲ್ಲಿಸತಕ್ಕದ್ದು. ಸದರಿ ದಿನಾಂಕದಂದು 4.00 ಗಂಟೆಗೆ ಟೆಂಡರ್‌ಗಳನ್ನು ತೆರೆಯಲಾಗುವುದು. ಹೆಚ್ಚಿನ ವಿವರಗಳಿಗೆ ರೇಷ್ಮೆ ಸಹಾಯಕ ನಿರ್ದೇಶಕರ ಕಛೇರಿ, ಹುಣಸೂರು ಇವರನ್ನು ಸಂಪರ್ಕಿಸಬಹುದು.
ಸಹಿ/- ರೇಷ್ಮೆ ಸಹಾಯಕ ನಿರ್ದೇಶಕರು, ಹುಣಸೂರು
DIPR/DMYS/235/KSMCA/196/2025-26
ಜಾಹೀರಾತಿಗಾಗಿ ಸಂಪರ್ಕಿಸಿ :	9845438807 / 9611755391
pnb Housing
ಪಿಎನ್‌ಬಿ ಹೌಸಿಂಗ್ ಫೈನಾನ್ಸ್ ಲಿಮಿಟೆಡ್‌ನ ಅಧಿಕೃತ ಅಧಿಕಾರಿಯಾದ ಕೆಳಗೆ ಸಹಿ ಮಾಡಿರುವವರು ಹಣಕಾಸು ಆಸ್ತಿಗಳ ಭದ್ರತೆ ಮತ್ತು ಪುನರ್ ನಿರ್ಮಾಣ ಮತ್ತು ಭದ್ರತಾ ಹಿತಾಸಕ್ತಿ ಜಾರಿ ಕಾಯ್ದೆ 2002 ರ ಅಡಿಯಲ್ಲಿ ಸಾಲಗಾರರಿಗೆ ಬೇಡಿಕೆ ನೋಟೀಸ್ ನೀಡಲಾಗಿತ್ತು. ಸಾಲಗಾರರು ಮೊತ್ತವನ್ನು ಮರುಪಾವತಿಸಲು ವಿಫಲರಾದ ಕಾರಣ ಕೆಳಕಂಡ ಆಸ್ತಿಯನ್ನು ಸ್ವಾಧೀನಪಡಿಸಿಕೊಳ್ಳಲಾಗಿದೆ.
ಸ್ವಾಧೀನ ನೋಟೀಸ್ (ಸ್ಥಿರಾಸ್ತಿಗಾಗಿ)
ಪಿಎನ್‌ಬಿ ಹೌಸಿಂಗ್ ಫೈನಾನ್ಸ್ ಲಿಮಿಟೆಡ್‌ನ ಅಧಿಕೃತ ಅಧಿಕಾರಿಯಾದ ಕೆಳಗೆ ಸಹಿ ಮಾಡಿರುವವರು ಹಣಕಾಸು ಆಸ್ತಿಗಳ ಭದ್ರತೆ ಮತ್ತು ಪುನರ್ ನಿರ್ಮಾಣ ಮತ್ತು ಭದ್ರತಾ ಹಿತಾಸಕ್ತಿ ಜಾರಿ ಕಾಯ್ದೆ 2002 ರ ಅಡಿಯಲ್ಲಿ ಸಾಲಗಾರರಿಗೆ ಬೇಡಿಕೆ ನೋಟೀಸ್ ನೀಡಲಾಗಿತ್ತು. ಸಾಲಗಾರರು ಮೊತ್ತವನ್ನು ಮರುಪಾವತಿಸಲು ವಿಫಲರಾದ ಕಾರಣ ಕೆಳಕಂಡ ಆಸ್ತಿಯನ್ನು ಸ್ವಾಧೀನಪಡಿಸಿಕೊಳ್ಳಲಾಗಿದೆ.
0519	17.01.2025	17-01-2025 ರು. 54,30,359/-	20.05.2025	ಅರ್ಜಿದಾರರು: ಶ್ರೀ ಮುನಿರಾಜು ಬಿನ್ ಲೇಟ್ ಮುನಿಯಪ್ಪ, ಸುಮಾರು 58 ವರ್ಷ. ಸಾರ್ವಜನಿಕರಿಗೆ ತಿಳಿಯಪಡಿಸುವುದೇನೆಂದರೆ ಅರ್ಜಿದಾರರ ತಂದೆ/ತಾಯಿಯವರ ಜನನ/ಮರಣ ನೋಂದಣಿ ಮಾಡಿಸಲು ಈ ನ್ಯಾಯಾಲಯದಲ್ಲಿ ಅರ್ಜಿ ಸಲ್ಲಿಸಿದ್ದು ಯಾರಿಗಾದರೂ ಆಕ್ಷೇಪಣೆ ಇದ್ದಲ್ಲಿ ದಿನಾಂಕ 12.06.2025 ರಂದು ನ್ಯಾಯಾಲಯಕ್ಕೆ ಹಾಜರಾಗಬಹುದು.
0416	12.02.2025	13-02-2025 ರು. 36,43,537/-	20.05.2025	ಅರ್ಜಿದಾರರು: ಶ್ರೀ ಮುನಿರಾಜು ಬಿನ್ ಲೇಟ್ ಮುನಿಯಪ್ಪ, ಸುಮಾರು 58 ವರ್ಷ. ಸಾರ್ವಜನಿಕರಿಗೆ ತಿಳಿಯಪಡಿಸುವುದೇನೆಂದರೆ ಅರ್ಜಿದಾರರ ತಂದೆ/ತಾಯಿಯವರ ಜನನ/ಮರಣ ನೋಂದಣಿ ಮಾಡಿಸಲು ಈ ನ್ಯಾಯಾಲಯದಲ್ಲಿ ಅರ್ಜಿ ಸಲ್ಲಿಸಿದ್ದು ಯಾರಿಗಾದರೂ ಆಕ್ಷೇಪಣೆ ಇದ್ದಲ್ಲಿ ದಿನಾಂಕ 12.06.2025 ರಂದು ನ್ಯಾಯಾಲಯಕ್ಕೆ ಹಾಜರಾಗಬಹುದು.
ಸ್ಥಳ: ಬೆಂಗಳೂರು, ದಿನಾಂಕ: 24-05-2025
ಸಹಿ/- ಅಧಿಕೃತ ಅಧಿಕಾರಿ, ಪಿಎನ್‌ಬಿ ಹೌಸಿಂಗ್ ಫೈನಾನ್ಸ್ ಲಿಮಿಟೆಡ್
ವಿಶ್ವಗುರು ಸಂಘದಿಂದ ನಾಳೆ ಬಸವ ಜಯಂತಿ
ಮಳವಳ್ಳಿ: ಪಟ್ಟಣದ ವಿಶ್ವಗುರು ಶ್ರೀ ಅರವಿಂದ್ ಸೊಸೈಟಿ ವತಿಯಿಂದ ಮೇ27ರಂದು ಬೆಳಿಗ್ಗೆ 11ಗಂಟೆಗೆ ಬಸವ ಜಯಂತಿ ಕಾರ್ಯಕ್ರಮ ನಡೆಯಲಿದೆ. ಸಾಂಸ್ಕೃತಿಕ ಕಾರ್ಯಕ್ರಮ, ವಿಶ್ವಕರ್ಮ ಸಮುದಾಯದ ಸಾಧಕರಿಗೆ ಸನ್ಮಾನ ಕಾರ್ಯಕ್ರಮ ನಡೆಯಲಿದ್ದು, ಮೈಸೂರು ಹಾಗೂ ಮಂಡ್ಯ ಜಿಲ್ಲೆಯ ಗಣ್ಯರು ಭಾಗವಹಿಸಲಿದ್ದಾರೆ ಎಂದು ಸಂಘದ ಅಧ್ಯಕ್ಷರು ತಿಳಿಸಿದ್ದಾರೆ.
pnb Housing
ಪಿಎನ್‌ಬಿ ಹೌಸಿಂಗ್ ಫೈನಾನ್ಸ್ ಲಿಮಿಟೆಡ್‌ನ ಅಧಿಕೃತ ಅಧಿಕಾರಿಯಾದ ಕೆಳಗೆ ಸಹಿ ಮಾಡಿರುವವರು ಹಣಕಾಸು ಆಸ್ತಿಗಳ ಭದ್ರತೆ ಮತ್ತು ಪುನರ್ ನಿರ್ಮಾಣ ಮತ್ತು ಭದ್ರತಾ ಹಿತಾಸಕ್ತಿ ಜಾರಿ ಕಾಯ್ದೆ 2002 ರ ಅಡಿಯಲ್ಲಿ ಸಾಲಗಾರರಿಗೆ ಬೇಡಿಕೆ ನೋಟೀಸ್ ನೀಡಲಾಗಿತ್ತು. ಸಾಲಗಾರರು ಮೊತ್ತವನ್ನು ಮರುಪಾವತಿಸಲು ವಿಫಲರಾದ ಕಾರಣ ಕೆಳಕಂಡ ಆಸ್ತಿಯನ್ನು ಸ್ವಾಧೀನಪಡಿಸಿಕೊಳ್ಳಲಾಗಿದೆ.
ಸ್ವಾಧೀನ ನೋಟೀಸ್ (ಸ್ಥಿರಾಸ್ತಿಗಾಗಿ)
ಪಿಎನ್‌ಬಿ ಹೌಸಿಂಗ್ ಫೈನಾನ್ಸ್ ಲಿಮಿಟೆಡ್‌ನ ಅಧಿಕೃತ ಅಧಿಕಾರಿಯಾದ ಕೆಳಗೆ ಸಹಿ ಮಾಡಿರುವವರು ಹಣಕಾಸು ಆಸ್ತಿಗಳ ಭದ್ರತೆ ಮತ್ತು ಪುನರ್ ನಿರ್ಮಾಣ ಮತ್ತು ಭದ್ರತಾ ಹಿತಾಸಕ್ತಿ ಜಾರಿ ಕಾಯ್ದೆ 2002 ರ ಅಡಿಯಲ್ಲಿ ಸಾಲಗಾರರಿಗೆ ಬೇಡಿಕೆ ನೋಟೀಸ್ ನೀಡಲಾಗಿತ್ತು. ಸಾಲಗಾರರು ಮೊತ್ತವನ್ನು ಮರುಪಾವತಿಸಲು ವಿಫಲರಾದ ಕಾರಣ ಕೆಳಕಂಡ ಆಸ್ತಿಯನ್ನು ಸ್ವಾಧೀನಪಡಿಸಿಕೊಳ್ಳಲಾಗಿದೆ.
0519	17.01.2025	17-01-2025 ರು. 54,30,359/-	20.05.2025	ಅರ್ಜಿದಾರರು: ಶ್ರೀ ಮುನಿರಾಜು ಬಿನ್ ಲೇಟ್ ಮುನಿಯಪ್ಪ, ಸುಮಾರು 58 ವರ್ಷ. ಸಾರ್ವಜನಿಕರಿಗೆ ತಿಳಿಯಪಡಿಸುವುದೇನೆಂದರೆ ಅರ್ಜಿದಾರರ ತಂದೆ/ತಾಯಿಯವರ ಜನನ/ಮರಣ ನೋಂದಣಿ ಮಾಡಿಸಲು ಈ ನ್ಯಾಯಾಲಯದಲ್ಲಿ ಅರ್ಜಿ ಸಲ್ಲಿಸಿದ್ದು ಯಾರಿಗಾದರೂ ಆಕ್ಷೇಪಣೆ ಇದ್ದಲ್ಲಿ ದಿನಾಂಕ 12.06.2025 ರಂದು ನ್ಯಾಯಾಲಯಕ್ಕೆ ಹಾಜರಾಗಬಹುದು.
ಸ್ಥಳ: ಬೆಂಗಳೂರು, ದಿನಾಂಕ: 24-05-2025
ಸಹಿ/- ಅಧಿಕೃತ ಅಧಿಕಾರಿ, ಪಿಎನ್‌ಬಿ ಹೌಸಿಂಗ್ ಫೈನಾನ್ಸ್ ಲಿಮಿಟೆಡ್
pnb Housing
ಪಿಎನ್‌ಬಿ ಹೌಸಿಂಗ್ ಫೈನಾನ್ಸ್ ಲಿಮಿಟೆಡ್‌ನ ಅಧಿಕೃತ ಅಧಿಕಾರಿಯಾದ ಕೆಳಗೆ ಸಹಿ ಮಾಡಿರುವವರು ಹಣಕಾಸು ಆಸ್ತಿಗಳ ಭದ್ರತೆ ಮತ್ತು ಪುನರ್ ನಿರ್ಮಾಣ ಮತ್ತು ಭದ್ರತಾ ಹಿತಾಸಕ್ತಿ ಜಾರಿ ಕಾಯ್ದೆ 2002 ರ ಅಡಿಯಲ್ಲಿ ಸಾಲಗಾರರಿಗೆ ಬೇಡಿಕೆ ನೋಟೀಸ್ ನೀಡಲಾಗಿತ್ತು. ಸಾಲಗಾರರು ಮೊತ್ತವನ್ನು ಮರುಪಾವತಿಸಲು ವಿಫಲರಾದ ಕಾರಣ ಕೆಳಕಂಡ ಆಸ್ತಿಯನ್ನು ಸ್ವಾಧೀನಪಡಿಸಿಕೊಳ್ಳಲಾಗಿದೆ.
ಸ್ವಾಧೀನ ನೋಟೀಸ್ (ಸ್ಥಿರಾಸ್ತಿಗಾಗಿ)
ಪಿಎನ್‌ಬಿ ಹೌಸಿಂಗ್ ಫೈನಾನ್ಸ್ ಲಿಮಿಟೆಡ್‌ನ ಅಧಿಕೃತ ಅಧಿಕಾರಿಯಾದ ಕೆಳಗೆ ಸಹಿ ಮಾಡಿರುವವರು ಹಣಕಾಸು ಆಸ್ತಿಗಳ ಭದ್ರತೆ ಮತ್ತು ಪುನರ್ ನಿರ್ಮಾಣ ಮತ್ತು ಭದ್ರತಾ ಹಿತಾಸಕ್ತಿ ಜಾರಿ ಕಾಯ್ದೆ 2002 ರ ಅಡಿಯಲ್ಲಿ ಸಾಲಗಾರರಿಗೆ ಬೇಡಿಕೆ ನೋಟೀಸ್ ನೀಡಲಾಗಿತ್ತು. ಸಾಲಗಾರರು ಮೊತ್ತವನ್ನು ಮರುಪಾವತಿಸಲು ವಿಫಲರಾದ ಕಾರಣ ಕೆಳಕಂಡ ಆಸ್ತಿಯನ್ನು ಸ್ವಾಧೀನಪಡಿಸಿಕೊಳ್ಳಲಾಗಿದೆ.
0416	12.02.2025	13-02-2025 ರು. 36,43,537/-	20.05.2025	ಅರ್ಜಿದಾರರು: ಶ್ರೀ ಮುನಿರಾಜು ಬಿನ್ ಲೇಟ್ ಮುನಿಯಪ್ಪ, ಸುಮಾರು 58 ವರ್ಷ. ಸಾರ್ವಜನಿಕರಿಗೆ ತಿಳಿಯಪಡಿಸುವುದೇನೆಂದರೆ ಅರ್ಜಿದಾರರ ತಂದೆ/ತಾಯಿಯವರ ಜನನ/ಮರಣ ನೋಂದಣಿ ಮಾಡಿಸಲು ಈ ನ್ಯಾಯಾಲಯದಲ್ಲಿ ಅರ್ಜಿ ಸಲ್ಲಿಸಿದ್ದು ಯಾರಿಗಾದರೂ ಆಕ್ಷೇಪಣೆ ಇದ್ದಲ್ಲಿ ದಿನಾಂಕ 12.06.2025 ರಂದು ನ್ಯಾಯಾಲಯಕ್ಕೆ ಹಾಜರಾಗಬಹುದು.
0843	12.02.2025	09-02-2024 ರು. 6,92,383/-	20.05.2025	ಅರ್ಜಿದಾರರು: ಶ್ರೀ ಮುನಿರಾಜು ಬಿನ್ ಲೇಟ್ ಮುನಿಯಪ್ಪ, ಸುಮಾರು 58 ವರ್ಷ. ಸಾರ್ವಜನಿಕರಿಗೆ ತಿಳಿಯಪಡಿಸುವುದೇನೆಂದರೆ ಅರ್ಜಿದಾರರ ತಂದೆ/ತಾಯಿಯವರ ಜನನ/ಮರಣ ನೋಂದಣಿ ಮಾಡಿಸಲು ಈ ನ್ಯಾಯಾಲಯದಲ್ಲಿ ಅರ್ಜಿ ಸಲ್ಲಿಸಿದ್ದು ಯಾರಿಗಾದರೂ ಆಕ್ಷೇಪಣೆ ಇದ್ದಲ್ಲಿ ದಿನಾಂಕ 12.06.2025 ರಂದು ನ್ಯಾಯಾಲಯಕ್ಕೆ ಹಾಜರಾಗಬಹುದು.
0266	13.02.2025	13-02-2025 ರು. 17,38,765/-	20.05.2025	ಅರ್ಜಿದಾರರು: ಶ್ರೀ ಮುನಿರಾಜು ಬಿನ್ ಲೇಟ್ ಮುನಿಯಪ್ಪ, ಸುಮಾರು 58 ವರ್ಷ. ಸಾರ್ವಜನಿಕರಿಗೆ ತಿಳಿಯಪಡಿಸುವುದೇನೆಂದರೆ ಅರ್ಜಿದಾರರ ತಂದೆ/ತಾಯಿಯವರ ಜನನ/ಮರಣ ನೋಂದಣಿ ಮಾಡಿಸಲು ಈ ನ್ಯಾಯಾಲಯದಲ್ಲಿ ಅರ್ಜಿ ಸಲ್ಲಿಸಿದ್ದು ಯಾರಿಗಾದರೂ ಆಕ್ಷೇಪಣೆ ಇದ್ದಲ್ಲಿ ದಿನಾಂಕ 12.06.2025 ರಂದು ನ್ಯಾಯಾಲಯಕ್ಕೆ ಹಾಜರಾಗಬಹುದು.
ಸ್ಥಳ: ಬೆಂಗಳೂರು, ದಿನಾಂಕ: 24-05-2025
ಸಹಿ/- ಅಧಿಕೃತ ಅಧಿಕಾರಿ, ಪಿಎನ್‌ಬಿ ಹೌಸಿಂಗ್ ಫೈನಾನ್ಸ್ ಲಿಮಿಟೆಡ್
